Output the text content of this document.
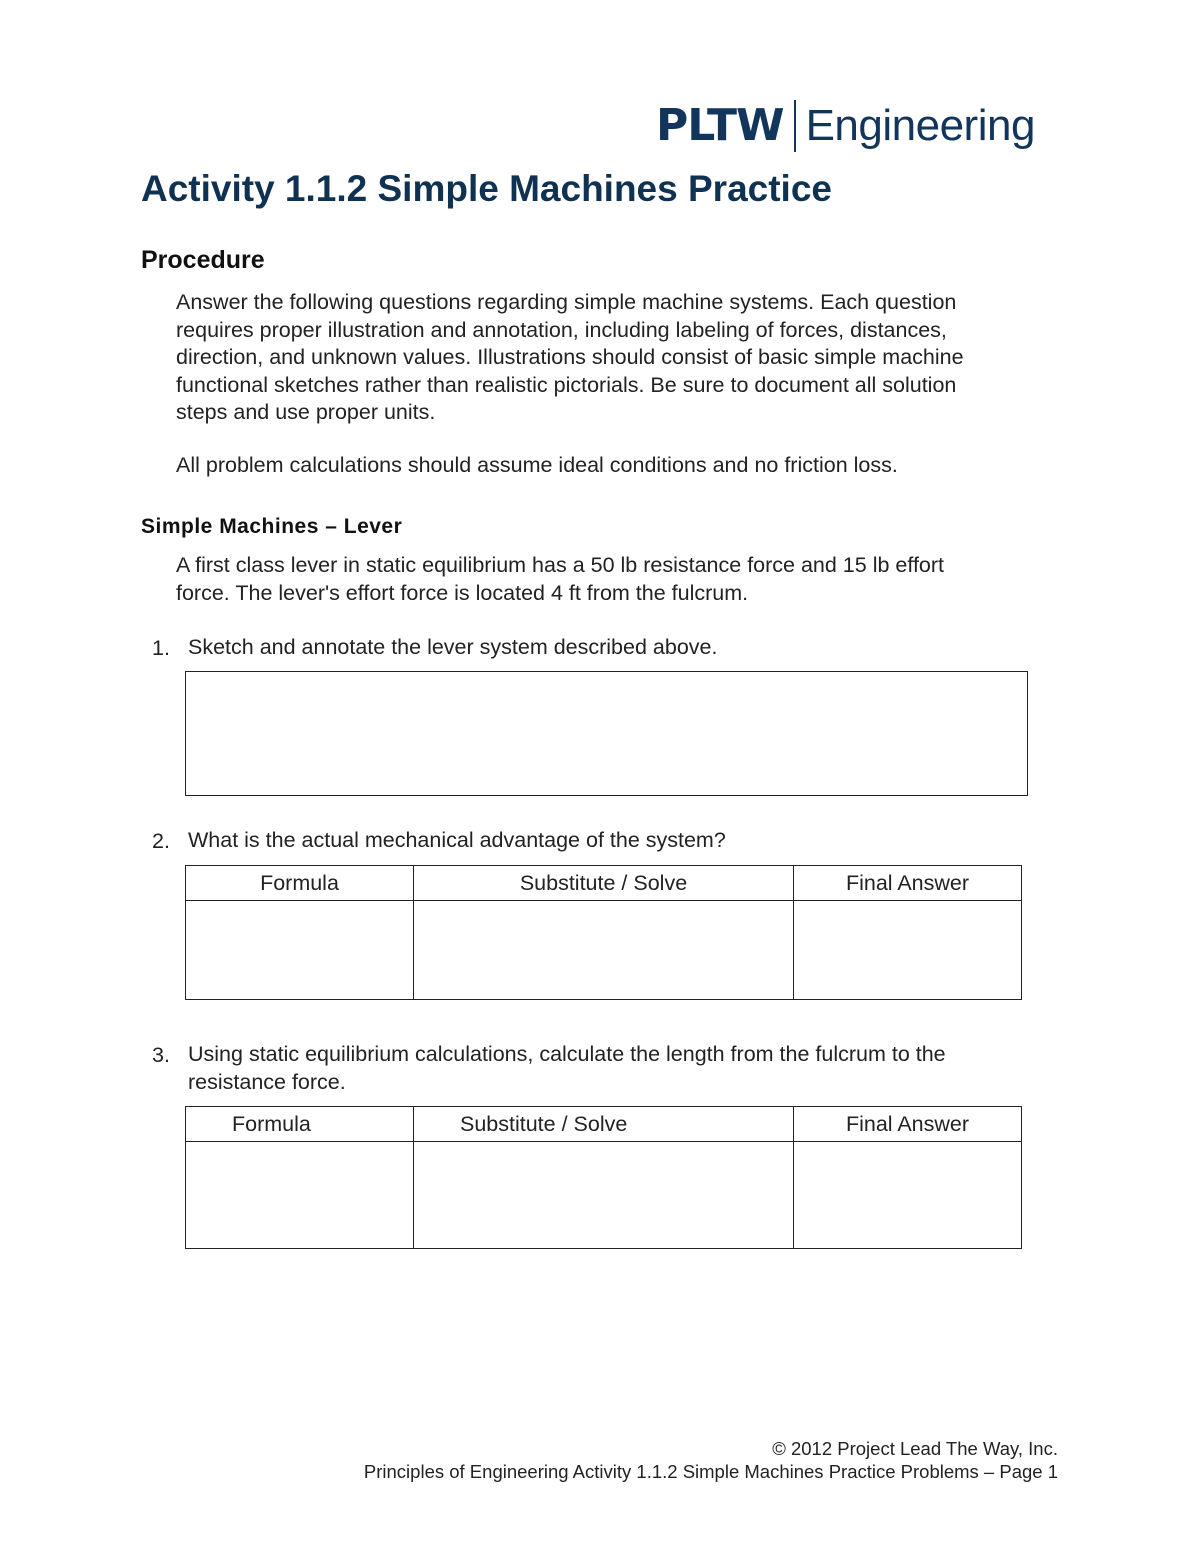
PLTW Engineering
Activity 1.1.2 Simple Machines Practice
Procedure
Answer the following questions regarding simple machine systems. Each question
requires proper illustration and annotation, including labeling of forces, distances,
direction, and unknown values. Illustrations should consist of basic simple machine
functional sketches rather than realistic pictorials. Be sure to document all solution
steps and use proper units.
All problem calculations should assume ideal conditions and no friction loss.
Simple Machines – Lever
A first class lever in static equilibrium has a 50 lb resistance force and 15 lb effort
force. The lever's effort force is located 4 ft from the fulcrum.
1. Sketch and annotate the lever system described above.
2. What is the actual mechanical advantage of the system?
Formula	Substitute / Solve	Final Answer

3. Using static equilibrium calculations, calculate the length from the fulcrum to the
resistance force.
Formula	Substitute / Solve	Final Answer

© 2012 Project Lead The Way, Inc.
Principles of Engineering Activity 1.1.2 Simple Machines Practice Problems – Page 1
